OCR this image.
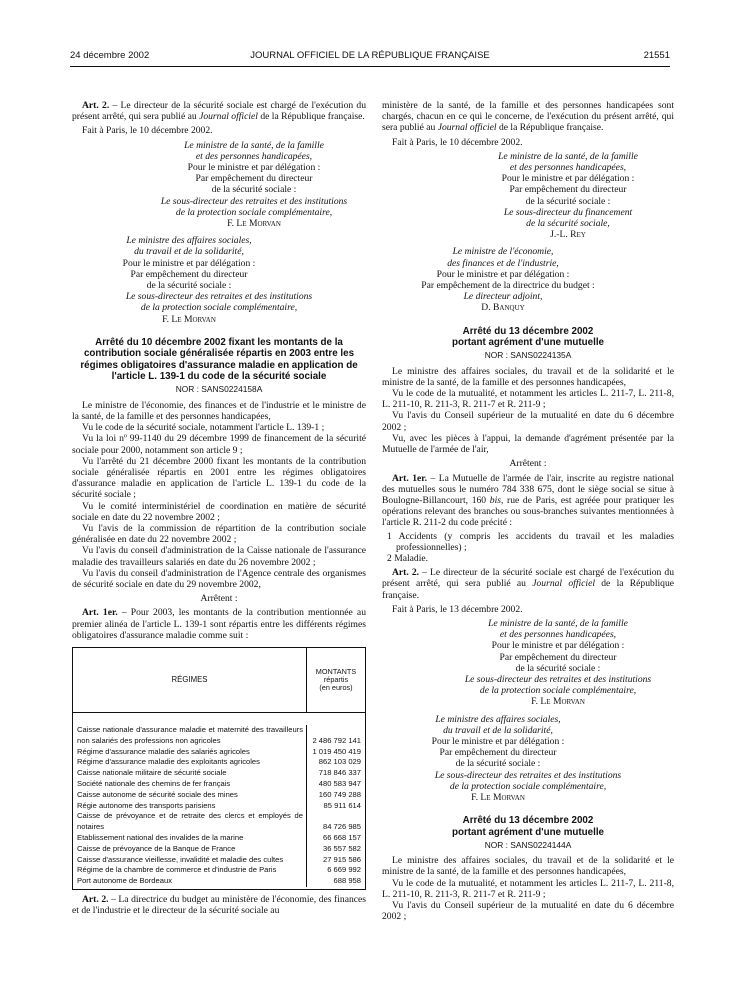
24 décembre 2002	JOURNAL OFFICIEL DE LA RÉPUBLIQUE FRANÇAISE	21551

Art. 2. – Le directeur de la sécurité sociale est chargé de l'exécution du présent arrêté, qui sera publié au Journal officiel de la République française.

Fait à Paris, le 10 décembre 2002.

Le ministre de la santé, de la famille

et des personnes handicapées,

Pour le ministre et par délégation :

Par empêchement du directeur

de la sécurité sociale :

Le sous-directeur des retraites et des institutions

de la protection sociale complémentaire,

F. Le Morvan

Le ministre des affaires sociales,

du travail et de la solidarité,

Pour le ministre et par délégation :

Par empêchement du directeur

de la sécurité sociale :

Le sous-directeur des retraites et des institutions

de la protection sociale complémentaire,

F. Le Morvan

Arrêté du 10 décembre 2002 fixant les montants de la contribution sociale généralisée répartis en 2003 entre les régimes obligatoires d'assurance maladie en application de l'article L. 139-1 du code de la sécurité sociale

NOR : SANS0224158A

Le ministre de l'économie, des finances et de l'industrie et le ministre de la santé, de la famille et des personnes handicapées,

Vu le code de la sécurité sociale, notamment l'article L. 139-1 ;

Vu la loi nº 99-1140 du 29 décembre 1999 de financement de la sécurité sociale pour 2000, notamment son article 9 ;

Vu l'arrêté du 21 décembre 2000 fixant les montants de la contribution sociale généralisée répartis en 2001 entre les régimes obligatoires d'assurance maladie en application de l'article L. 139-1 du code de la sécurité sociale ;

Vu le comité interministériel de coordination en matière de sécurité sociale en date du 22 novembre 2002 ;

Vu l'avis de la commission de répartition de la contribution sociale généralisée en date du 22 novembre 2002 ;

Vu l'avis du conseil d'administration de la Caisse nationale de l'assurance maladie des travailleurs salariés en date du 26 novembre 2002 ;

Vu l'avis du conseil d'administration de l'Agence centrale des organismes de sécurité sociale en date du 29 novembre 2002,

Arrêtent :

Art. 1er. – Pour 2003, les montants de la contribution mentionnée au premier alinéa de l'article L. 139-1 sont répartis entre les différents régimes obligatoires d'assurance maladie comme suit :

RÉGIMES
MONTANTS
répartis
(en euros)
Caisse nationale d'assurance maladie et maternité des travailleurs non salariés des professions non agricoles	2 486 792 141
Régime d'assurance maladie des salariés agricoles	1 019 450 419
Régime d'assurance maladie des exploitants agricoles	862 103 029
Caisse nationale militaire de sécurité sociale	718 846 337
Société nationale des chemins de fer français	480 583 947
Caisse autonome de sécurité sociale des mines	160 749 288
Régie autonome des transports parisiens	85 911 614
Caisse de prévoyance et de retraite des clercs et employés de notaires	84 726 985
Etablissement national des invalides de la marine	66 668 157
Caisse de prévoyance de la Banque de France	36 557 582
Caisse d'assurance vieillesse, invalidité et maladie des cultes	27 915 586
Régime de la chambre de commerce et d'industrie de Paris	6 669 992
Port autonome de Bordeaux	688 958

Art. 2. – La directrice du budget au ministère de l'économie, des finances et de l'industrie et le directeur de la sécurité sociale au

ministère de la santé, de la famille et des personnes handicapées sont chargés, chacun en ce qui le concerne, de l'exécution du présent arrêté, qui sera publié au Journal officiel de la République française.

Fait à Paris, le 10 décembre 2002.

Le ministre de la santé, de la famille

et des personnes handicapées,

Pour le ministre et par délégation :

Par empêchement du directeur

de la sécurité sociale :

Le sous-directeur du financement

de la sécurité sociale,

J.-L. Rey

Le ministre de l'économie,

des finances et de l'industrie,

Pour le ministre et par délégation :

Par empêchement de la directrice du budget :

Le directeur adjoint,

D. Banquy

Arrêté du 13 décembre 2002

portant agrément d'une mutuelle

NOR : SANS0224135A

Le ministre des affaires sociales, du travail et de la solidarité et le ministre de la santé, de la famille et des personnes handicapées,

Vu le code de la mutualité, et notamment les articles L. 211-7, L. 211-8, L. 211-10, R. 211-3, R. 211-7 et R. 211-9 ;

Vu l'avis du Conseil supérieur de la mutualité en date du 6 décembre 2002 ;

Vu, avec les pièces à l'appui, la demande d'agrément présentée par la Mutuelle de l'armée de l'air,

Arrêtent :

Art. 1er. – La Mutuelle de l'armée de l'air, inscrite au registre national des mutuelles sous le numéro 784 338 675, dont le siège social se situe à Boulogne-Billancourt, 160 bis, rue de Paris, est agréée pour pratiquer les opérations relevant des branches ou sous-branches suivantes mentionnées à l'article R. 211-2 du code précité :

1 Accidents (y compris les accidents du travail et les maladies professionnelles) ;

2 Maladie.

Art. 2. – Le directeur de la sécurité sociale est chargé de l'exécution du présent arrêté, qui sera publié au Journal officiel de la République française.

Fait à Paris, le 13 décembre 2002.

Le ministre de la santé, de la famille

et des personnes handicapées,

Pour le ministre et par délégation :

Par empêchement du directeur

de la sécurité sociale :

Le sous-directeur des retraites et des institutions

de la protection sociale complémentaire,

F. Le Morvan

Le ministre des affaires sociales,

du travail et de la solidarité,

Pour le ministre et par délégation :

Par empêchement du directeur

de la sécurité sociale :

Le sous-directeur des retraites et des institutions

de la protection sociale complémentaire,

F. Le Morvan

Arrêté du 13 décembre 2002

portant agrément d'une mutuelle

NOR : SANS0224144A

Le ministre des affaires sociales, du travail et de la solidarité et le ministre de la santé, de la famille et des personnes handicapées,

Vu le code de la mutualité, et notamment les articles L. 211-7, L. 211-8, L. 211-10, R. 211-3, R. 211-7 et R. 211-9 ;

Vu l'avis du Conseil supérieur de la mutualité en date du 6 décembre 2002 ;
